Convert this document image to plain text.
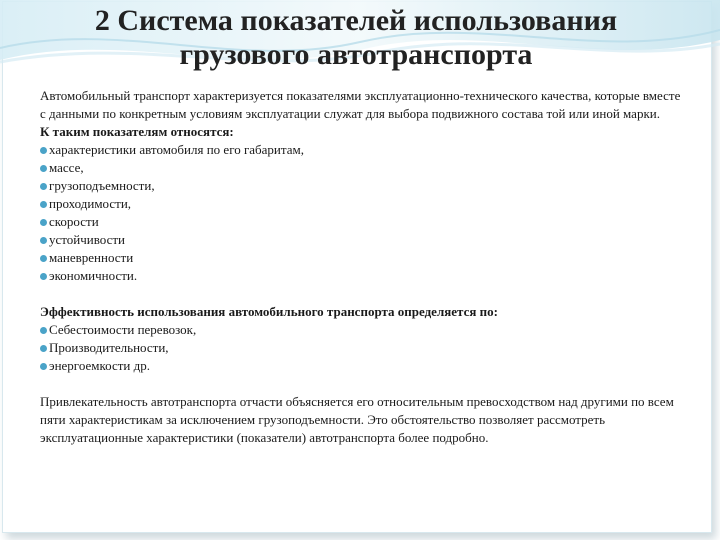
2 Система показателей использования
грузового автотранспорта

Автомобильный транспорт характеризуется показателями эксплуатационно-технического качества, которые вместе с данными по конкретным условиям эксплуатации служат для выбора подвижного состава той или иной марки.

К таким показателям относятся:

характеристики автомобиля по его габаритам,
массе,
грузоподъемности,
проходимости,
скорости
устойчивости
маневренности
экономичности.

Эффективность использования автомобильного транспорта определяется по:

Себестоимости перевозок,
Производительности,
энергоемкости др.

Привлекательность автотранспорта отчасти объясняется его относительным превосходством над другими по всем пяти характеристикам за исключением грузоподъемности. Это обстоятельство позволяет рассмотреть эксплуатационные характеристики (показатели) автотранспорта более подробно.
